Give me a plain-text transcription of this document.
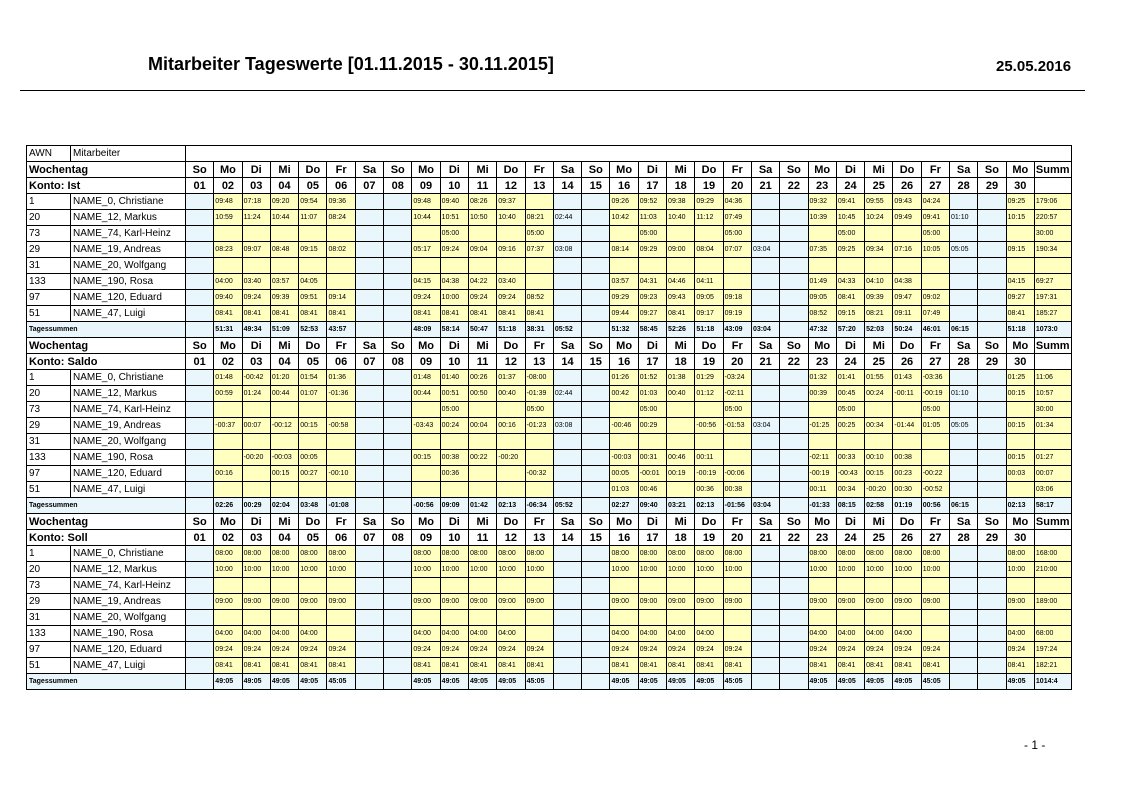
Mitarbeiter Tageswerte [01.11.2015 - 30.11.2015]	25.05.2016
AWN	Mitarbeiter																															
Wochentag		So	Mo	Di	Mi	Do	Fr	Sa	So	Mo	Di	Mi	Do	Fr	Sa	So	Mo	Di	Mi	Do	Fr	Sa	So	Mo	Di	Mi	Do	Fr	Sa	So	Mo	Summ
Konto: Ist		01	02	03	04	05	06	07	08	09	10	11	12	13	14	15	16	17	18	19	20	21	22	23	24	25	26	27	28	29	30	
1	NAME_0, Christiane		09:48	07:18	09:20	09:54	09:36			09:48	09:40	08:26	09:37				09:26	09:52	09:38	09:29	04:36			09:32	09:41	09:55	09:43	04:24			09:25	179:06
20	NAME_12, Markus		10:59	11:24	10:44	11:07	08:24			10:44	10:51	10:50	10:40	08:21	02:44		10:42	11:03	10:40	11:12	07:49			10:39	10:45	10:24	09:49	09:41	01:10		10:15	220:57
73	NAME_74, Karl-Heinz										05:00			05:00				05:00			05:00				05:00			05:00				30:00
29	NAME_19, Andreas		08:23	09:07	08:48	09:15	08:02			05:17	09:24	09:04	09:16	07:37	03:08		08:14	09:29	09:00	08:04	07:07	03:04		07:35	09:25	09:34	07:16	10:05	05:05		09:15	190:34
31	NAME_20, Wolfgang																															
133	NAME_190, Rosa		04:00	03:40	03:57	04:05				04:15	04:38	04:22	03:40				03:57	04:31	04:46	04:11				01:49	04:33	04:10	04:38				04:15	69:27
97	NAME_120, Eduard		09:40	09:24	09:39	09:51	09:14			09:24	10:00	09:24	09:24	08:52			09:29	09:23	09:43	09:05	09:18			09:05	08:41	09:39	09:47	09:02			09:27	197:31
51	NAME_47, Luigi		08:41	08:41	08:41	08:41	08:41			08:41	08:41	08:41	08:41	08:41			09:44	09:27	08:41	09:17	09:19			08:52	09:15	08:21	09:11	07:49			08:41	185:27
Tagessummen			51:31	49:34	51:09	52:53	43:57			48:09	58:14	50:47	51:18	38:31	05:52		51:32	58:45	52:26	51:18	43:09	03:04		47:32	57:20	52:03	50:24	46:01	06:15		51:18	1073:0
Wochentag		So	Mo	Di	Mi	Do	Fr	Sa	So	Mo	Di	Mi	Do	Fr	Sa	So	Mo	Di	Mi	Do	Fr	Sa	So	Mo	Di	Mi	Do	Fr	Sa	So	Mo	Summ
Konto: Saldo		01	02	03	04	05	06	07	08	09	10	11	12	13	14	15	16	17	18	19	20	21	22	23	24	25	26	27	28	29	30	
1	NAME_0, Christiane		01:48	-00:42	01:20	01:54	01:36			01:48	01:40	00:26	01:37	-08:00			01:26	01:52	01:38	01:29	-03:24			01:32	01:41	01:55	01:43	-03:36			01:25	11:06
20	NAME_12, Markus		00:59	01:24	00:44	01:07	-01:36			00:44	00:51	00:50	00:40	-01:39	02:44		00:42	01:03	00:40	01:12	-02:11			00:39	00:45	00:24	-00:11	-00:19	01:10		00:15	10:57
73	NAME_74, Karl-Heinz										05:00			05:00				05:00			05:00				05:00			05:00				30:00
29	NAME_19, Andreas		-00:37	00:07	-00:12	00:15	-00:58			-03:43	00:24	00:04	00:16	-01:23	03:08		-00:46	00:29		-00:56	-01:53	03:04		-01:25	00:25	00:34	-01:44	01:05	05:05		00:15	01:34
31	NAME_20, Wolfgang																															
133	NAME_190, Rosa			-00:20	-00:03	00:05				00:15	00:38	00:22	-00:20				-00:03	00:31	00:46	00:11				-02:11	00:33	00:10	00:38				00:15	01:27
97	NAME_120, Eduard		00:16		00:15	00:27	-00:10				00:36			-00:32			00:05	-00:01	00:19	-00:19	-00:06			-00:19	-00:43	00:15	00:23	-00:22			00:03	00:07
51	NAME_47, Luigi																01:03	00:46		00:36	00:38			00:11	00:34	-00:20	00:30	-00:52				03:06
Tagessummen			02:26	00:29	02:04	03:48	-01:08			-00:56	09:09	01:42	02:13	-06:34	05:52		02:27	09:40	03:21	02:13	-01:56	03:04		-01:33	08:15	02:58	01:19	00:56	06:15		02:13	58:17
Wochentag		So	Mo	Di	Mi	Do	Fr	Sa	So	Mo	Di	Mi	Do	Fr	Sa	So	Mo	Di	Mi	Do	Fr	Sa	So	Mo	Di	Mi	Do	Fr	Sa	So	Mo	Summ
Konto: Soll		01	02	03	04	05	06	07	08	09	10	11	12	13	14	15	16	17	18	19	20	21	22	23	24	25	26	27	28	29	30	
1	NAME_0, Christiane		08:00	08:00	08:00	08:00	08:00			08:00	08:00	08:00	08:00	08:00			08:00	08:00	08:00	08:00	08:00			08:00	08:00	08:00	08:00	08:00			08:00	168:00
20	NAME_12, Markus		10:00	10:00	10:00	10:00	10:00			10:00	10:00	10:00	10:00	10:00			10:00	10:00	10:00	10:00	10:00			10:00	10:00	10:00	10:00	10:00			10:00	210:00
73	NAME_74, Karl-Heinz																															
29	NAME_19, Andreas		09:00	09:00	09:00	09:00	09:00			09:00	09:00	09:00	09:00	09:00			09:00	09:00	09:00	09:00	09:00			09:00	09:00	09:00	09:00	09:00			09:00	189:00
31	NAME_20, Wolfgang																															
133	NAME_190, Rosa		04:00	04:00	04:00	04:00				04:00	04:00	04:00	04:00				04:00	04:00	04:00	04:00				04:00	04:00	04:00	04:00				04:00	68:00
97	NAME_120, Eduard		09:24	09:24	09:24	09:24	09:24			09:24	09:24	09:24	09:24	09:24			09:24	09:24	09:24	09:24	09:24			09:24	09:24	09:24	09:24	09:24			09:24	197:24
51	NAME_47, Luigi		08:41	08:41	08:41	08:41	08:41			08:41	08:41	08:41	08:41	08:41			08:41	08:41	08:41	08:41	08:41			08:41	08:41	08:41	08:41	08:41			08:41	182:21
Tagessummen			49:05	49:05	49:05	49:05	45:05			49:05	49:05	49:05	49:05	45:05			49:05	49:05	49:05	49:05	45:05			49:05	49:05	49:05	49:05	45:05			49:05	1014:4
- 1 -
